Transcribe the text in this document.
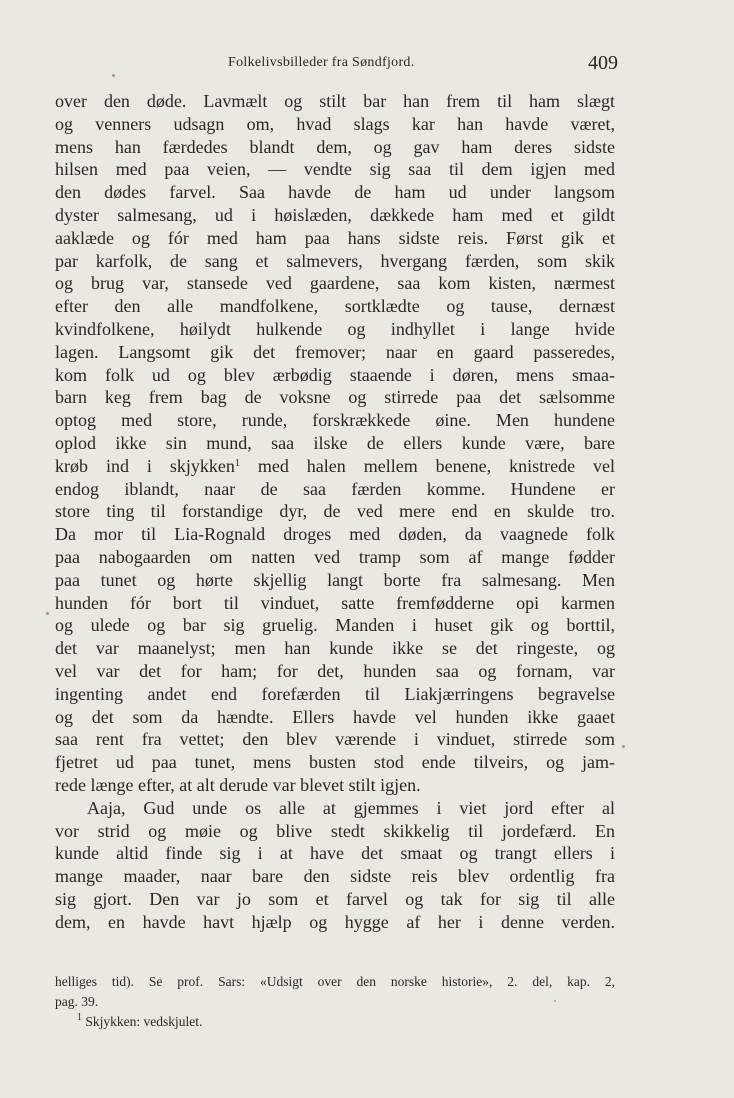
Folkelivsbilleder fra Søndfjord.	409
over den døde. Lavmælt og stilt bar han frem til ham slægt
og venners udsagn om, hvad slags kar han havde været,
mens han færdedes blandt dem, og gav ham deres sidste
hilsen med paa veien, — vendte sig saa til dem igjen med
den dødes farvel. Saa havde de ham ud under langsom
dyster salmesang, ud i høislæden, dækkede ham med et gildt
aaklæde og fór med ham paa hans sidste reis. Først gik et
par karfolk, de sang et salmevers, hvergang færden, som skik
og brug var, stansede ved gaardene, saa kom kisten, nærmest
efter den alle mandfolkene, sortklædte og tause, dernæst
kvindfolkene, høilydt hulkende og indhyllet i lange hvide
lagen. Langsomt gik det fremover; naar en gaard passeredes,
kom folk ud og blev ærbødig staaende i døren, mens smaa-
barn keg frem bag de voksne og stirrede paa det sælsomme
optog med store, runde, forskrækkede øine. Men hundene
oplod ikke sin mund, saa ilske de ellers kunde være, bare
krøb ind i skjykken$^1$ med halen mellem benene, knistrede vel
endog iblandt, naar de saa færden komme. Hundene er
store ting til forstandige dyr, de ved mere end en skulde tro.
Da mor til Lia-Rognald droges med døden, da vaagnede folk
paa nabogaarden om natten ved tramp som af mange fødder
paa tunet og hørte skjellig langt borte fra salmesang. Men
hunden fór bort til vinduet, satte fremfødderne opi karmen
og ulede og bar sig gruelig. Manden i huset gik og borttil,
det var maanelyst; men han kunde ikke se det ringeste, og
vel var det for ham; for det, hunden saa og fornam, var
ingenting andet end forefærden til Liakjærringens begravelse
og det som da hændte. Ellers havde vel hunden ikke gaaet
saa rent fra vettet; den blev værende i vinduet, stirrede som
fjetret ud paa tunet, mens busten stod ende tilveirs, og jam-
rede længe efter, at alt derude var blevet stilt igjen.
Aaja, Gud unde os alle at gjemmes i viet jord efter al
vor strid og møie og blive stedt skikkelig til jordefærd. En
kunde altid finde sig i at have det smaat og trangt ellers i
mange maader, naar bare den sidste reis blev ordentlig fra
sig gjort. Den var jo som et farvel og tak for sig til alle
dem, en havde havt hjælp og hygge af her i denne verden.
helliges tid). Se prof. Sars: «Udsigt over den norske historie», 2. del, kap. 2,
pag. 39.
$^1$ Skjykken: vedskjulet.
